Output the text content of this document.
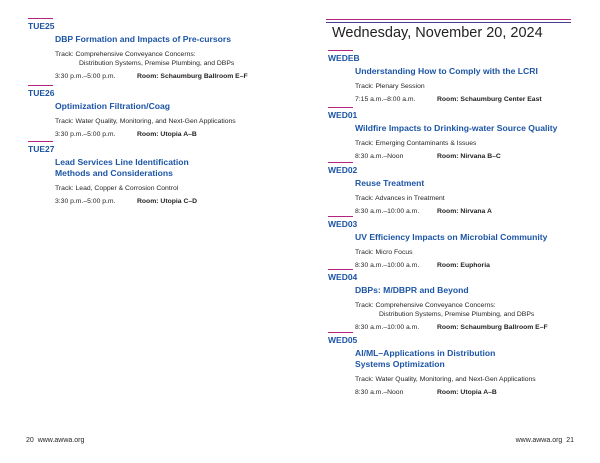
TUE25
DBP Formation and Impacts of Pre-cursors
Track: Comprehensive Conveyance Concerns:
Distribution Systems, Premise Plumbing, and DBPs
3:30 p.m.–5:00 p.m.	Room: Schaumburg Ballroom E–F
TUE26
Optimization Filtration/Coag
Track: Water Quality, Monitoring, and Next-Gen Applications
3:30 p.m.–5:00 p.m.	Room: Utopia A–B
TUE27
Lead Services Line Identification
Methods and Considerations
Track: Lead, Copper & Corrosion Control
3:30 p.m.–5:00 p.m.	Room: Utopia C–D
20 www.awwa.org
Wednesday, November 20, 2024
WEDEB
Understanding How to Comply with the LCRI
Track: Plenary Session
7:15 a.m.–8:00 a.m.	Room: Schaumburg Center East
WED01
Wildfire Impacts to Drinking-water Source Quality
Track: Emerging Contaminants & Issues
8:30 a.m.–Noon	Room: Nirvana B–C
WED02
Reuse Treatment
Track: Advances in Treatment
8:30 a.m.–10:00 a.m.	Room: Nirvana A
WED03
UV Efficiency Impacts on Microbial Community
Track: Micro Focus
8:30 a.m.–10:00 a.m.	Room: Euphoria
WED04
DBPs: M/DBPR and Beyond
Track: Comprehensive Conveyance Concerns:
Distribution Systems, Premise Plumbing, and DBPs
8:30 a.m.–10:00 a.m.	Room: Schaumburg Ballroom E–F
WED05
AI/ML–Applications in Distribution
Systems Optimization
Track: Water Quality, Monitoring, and Next-Gen Applications
8:30 a.m.–Noon	Room: Utopia A–B
www.awwa.org 21
